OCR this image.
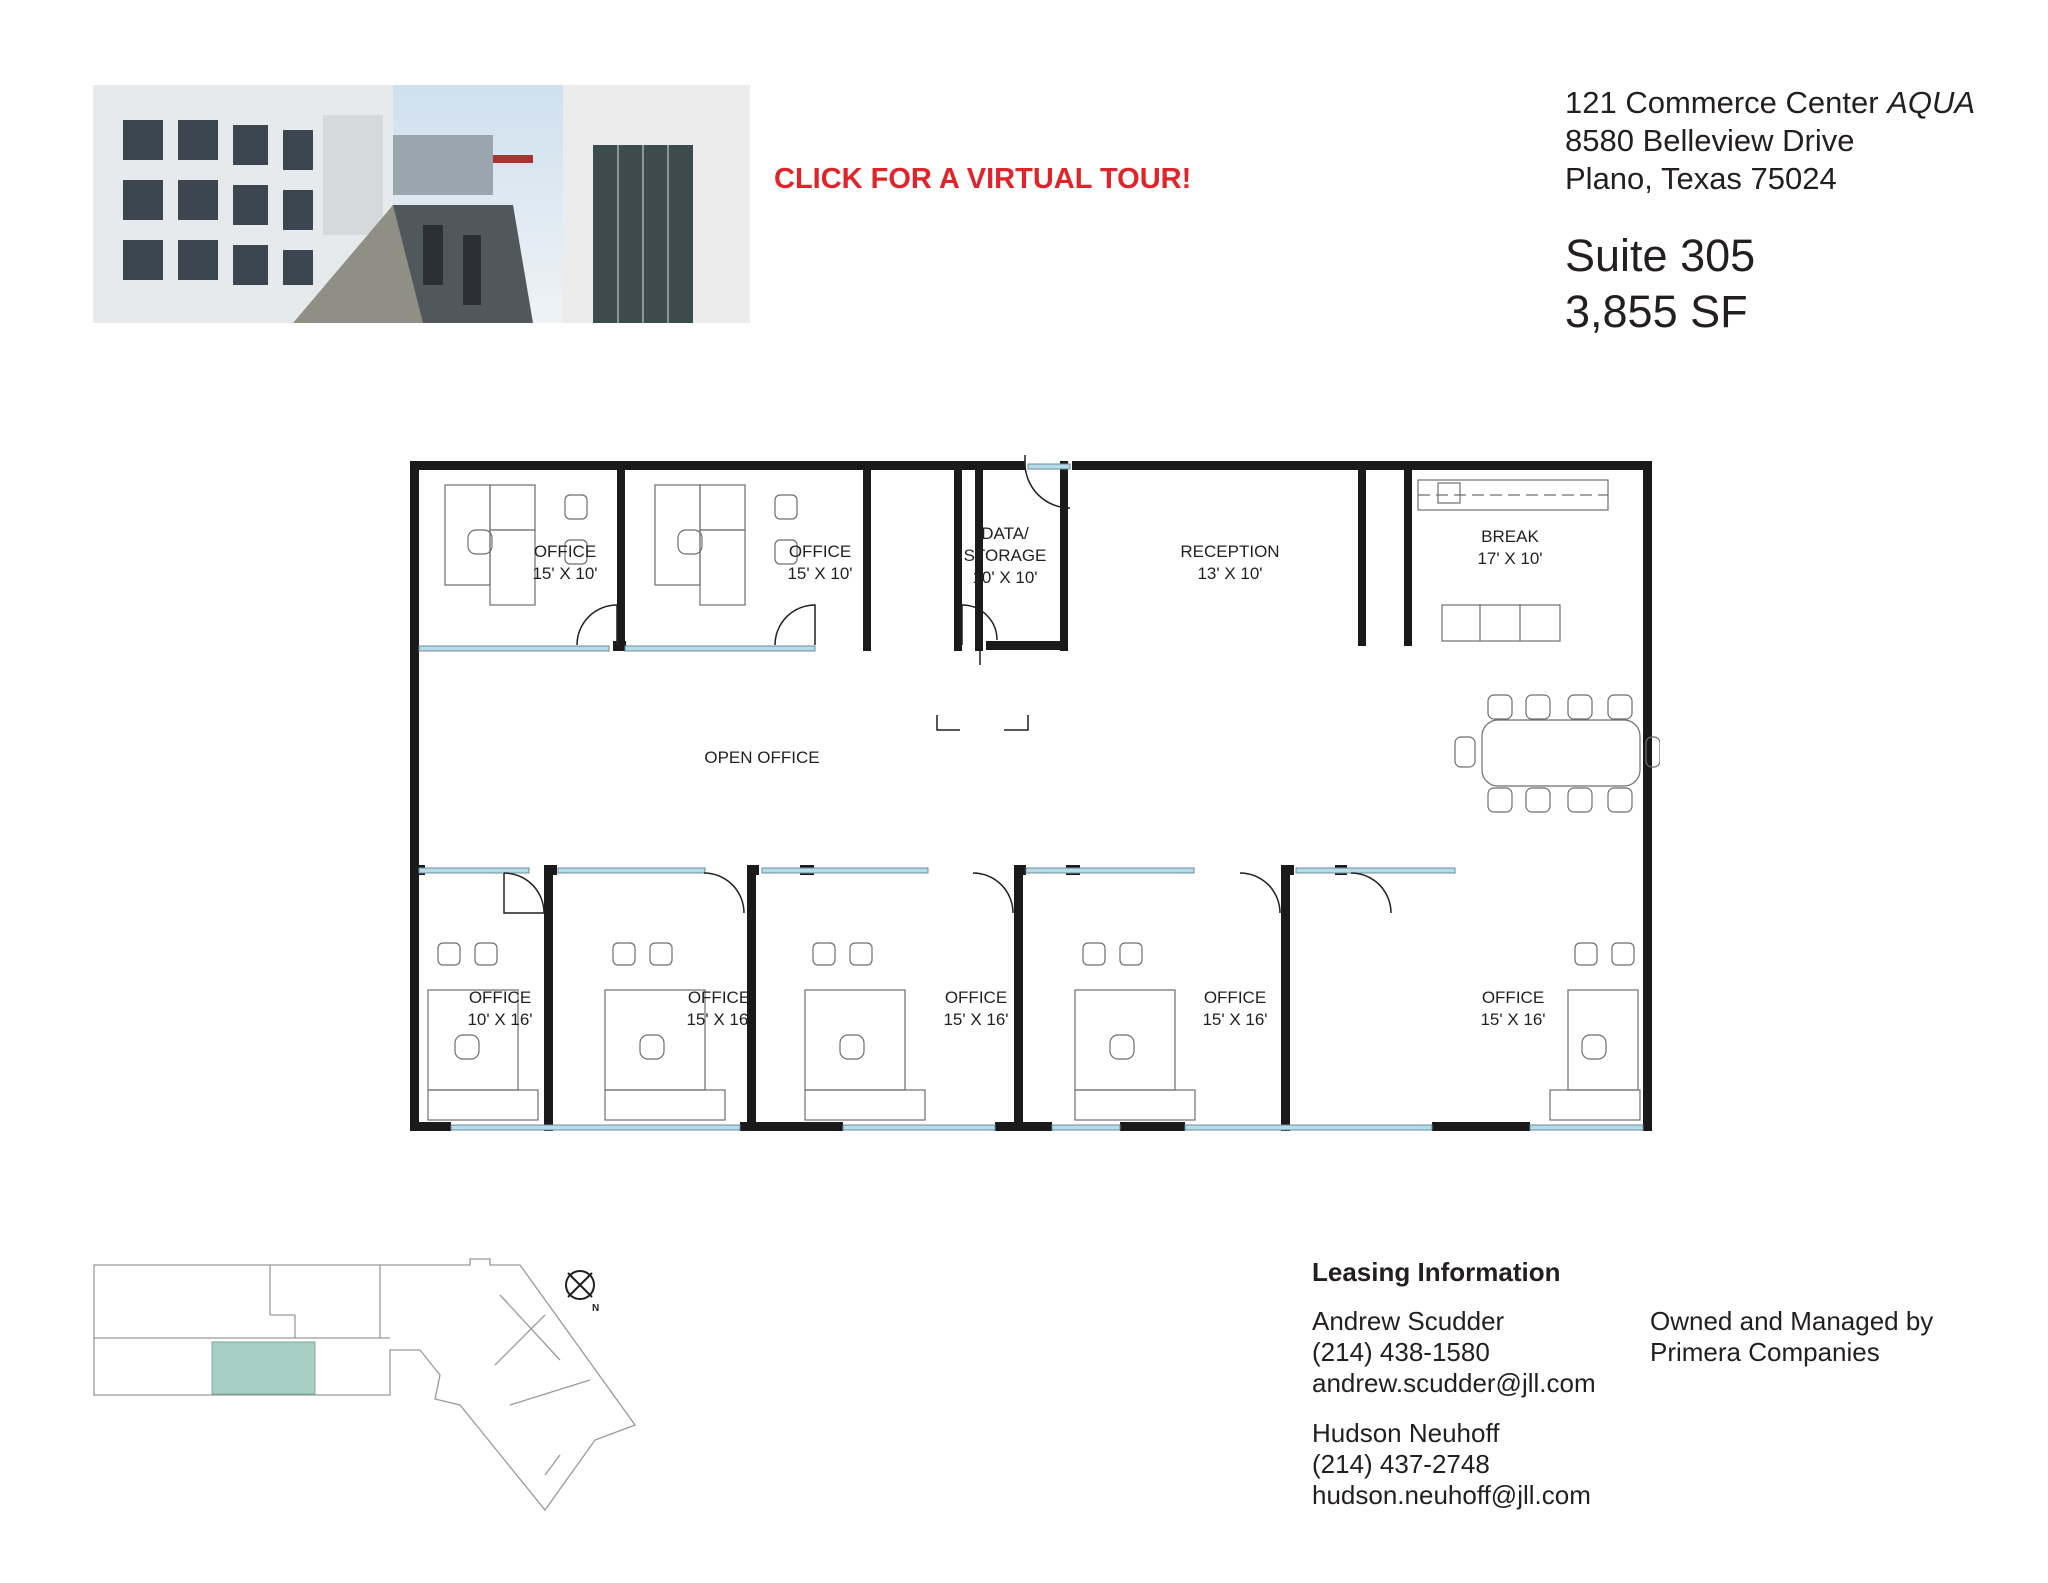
CLICK FOR A VIRTUAL TOUR!
121 Commerce Center AQUA
8580 Belleview Drive
Plano, Texas 75024
Suite 305
3,855 SF
OFFICE
15' X 10'
OFFICE
15' X 10'
DATA/
STORAGE
10' X 10'
RECEPTION
13' X 10'
BREAK
17' X 10'
OPEN OFFICE
OFFICE
10' X 16'
OFFICE
15' X 16'
OFFICE
15' X 16'
OFFICE
15' X 16'
OFFICE
15' X 16'
N
Leasing Information
Andrew Scudder
(214) 438-1580
andrew.scudder@jll.com
Hudson Neuhoff
(214) 437-2748
hudson.neuhoff@jll.com
Owned and Managed by
Primera Companies
